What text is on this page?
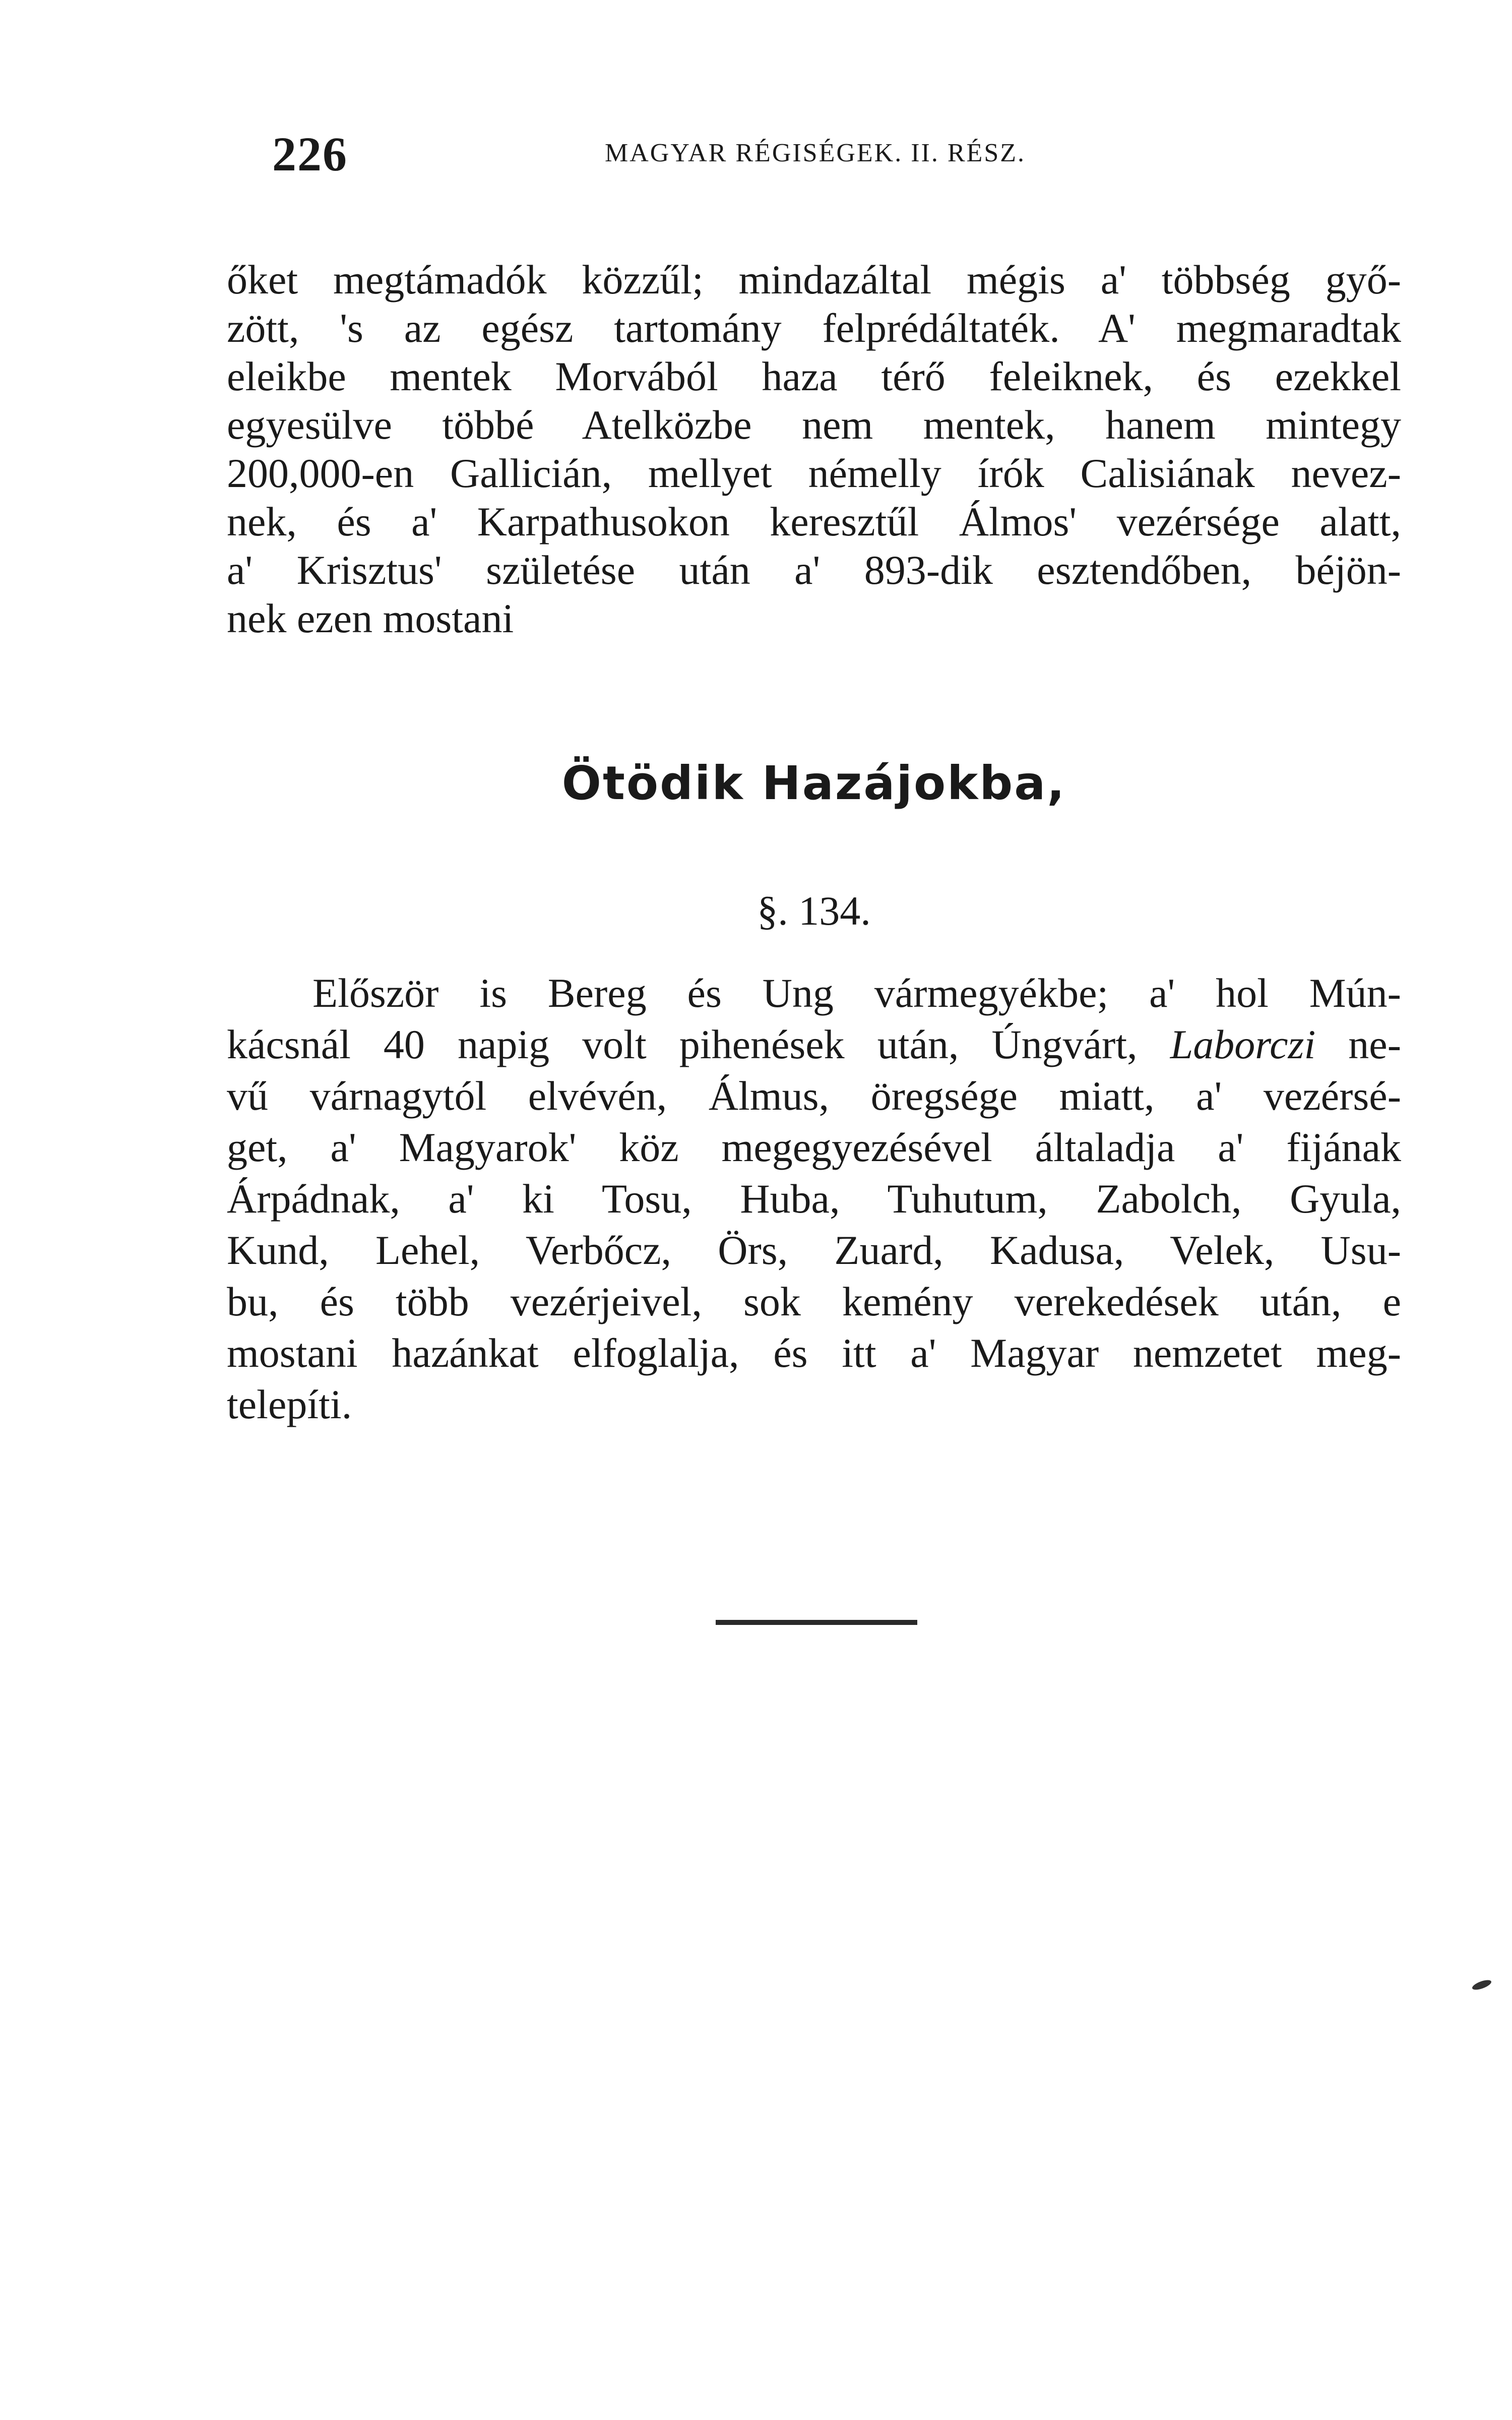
226	MAGYAR RÉGISÉGEK. II. RÉSZ.
őket megtámadók közzűl; mindazáltal mégis a' többség győ-
zött, 's az egész tartomány felprédáltaték. A' megmaradtak
eleikbe mentek Morvából haza térő feleiknek, és ezekkel
egyesülve többé Atelközbe nem mentek, hanem mintegy
200,000-en Gallicián, mellyet némelly írók Calisiának nevez-
nek, és a' Karpathusokon keresztűl Álmos' vezérsége alatt,
a' Krisztus' születése után a' 893-dik esztendőben, béjön-
nek ezen mostani
Ötödik Hazájokba,
§. 134.
Először is Bereg és Ung vármegyékbe; a' hol Mún-
kácsnál 40 napig volt pihenések után, Úngvárt, Laborczi ne-
vű várnagytól elvévén, Álmus, öregsége miatt, a' vezérsé-
get, a' Magyarok' köz megegyezésével általadja a' fijának
Árpádnak, a' ki Tosu, Huba, Tuhutum, Zabolch, Gyula,
Kund, Lehel, Verbőcz, Örs, Zuard, Kadusa, Velek, Usu-
bu, és több vezérjeivel, sok kemény verekedések után, e
mostani hazánkat elfoglalja, és itt a' Magyar nemzetet meg-
telepíti.
